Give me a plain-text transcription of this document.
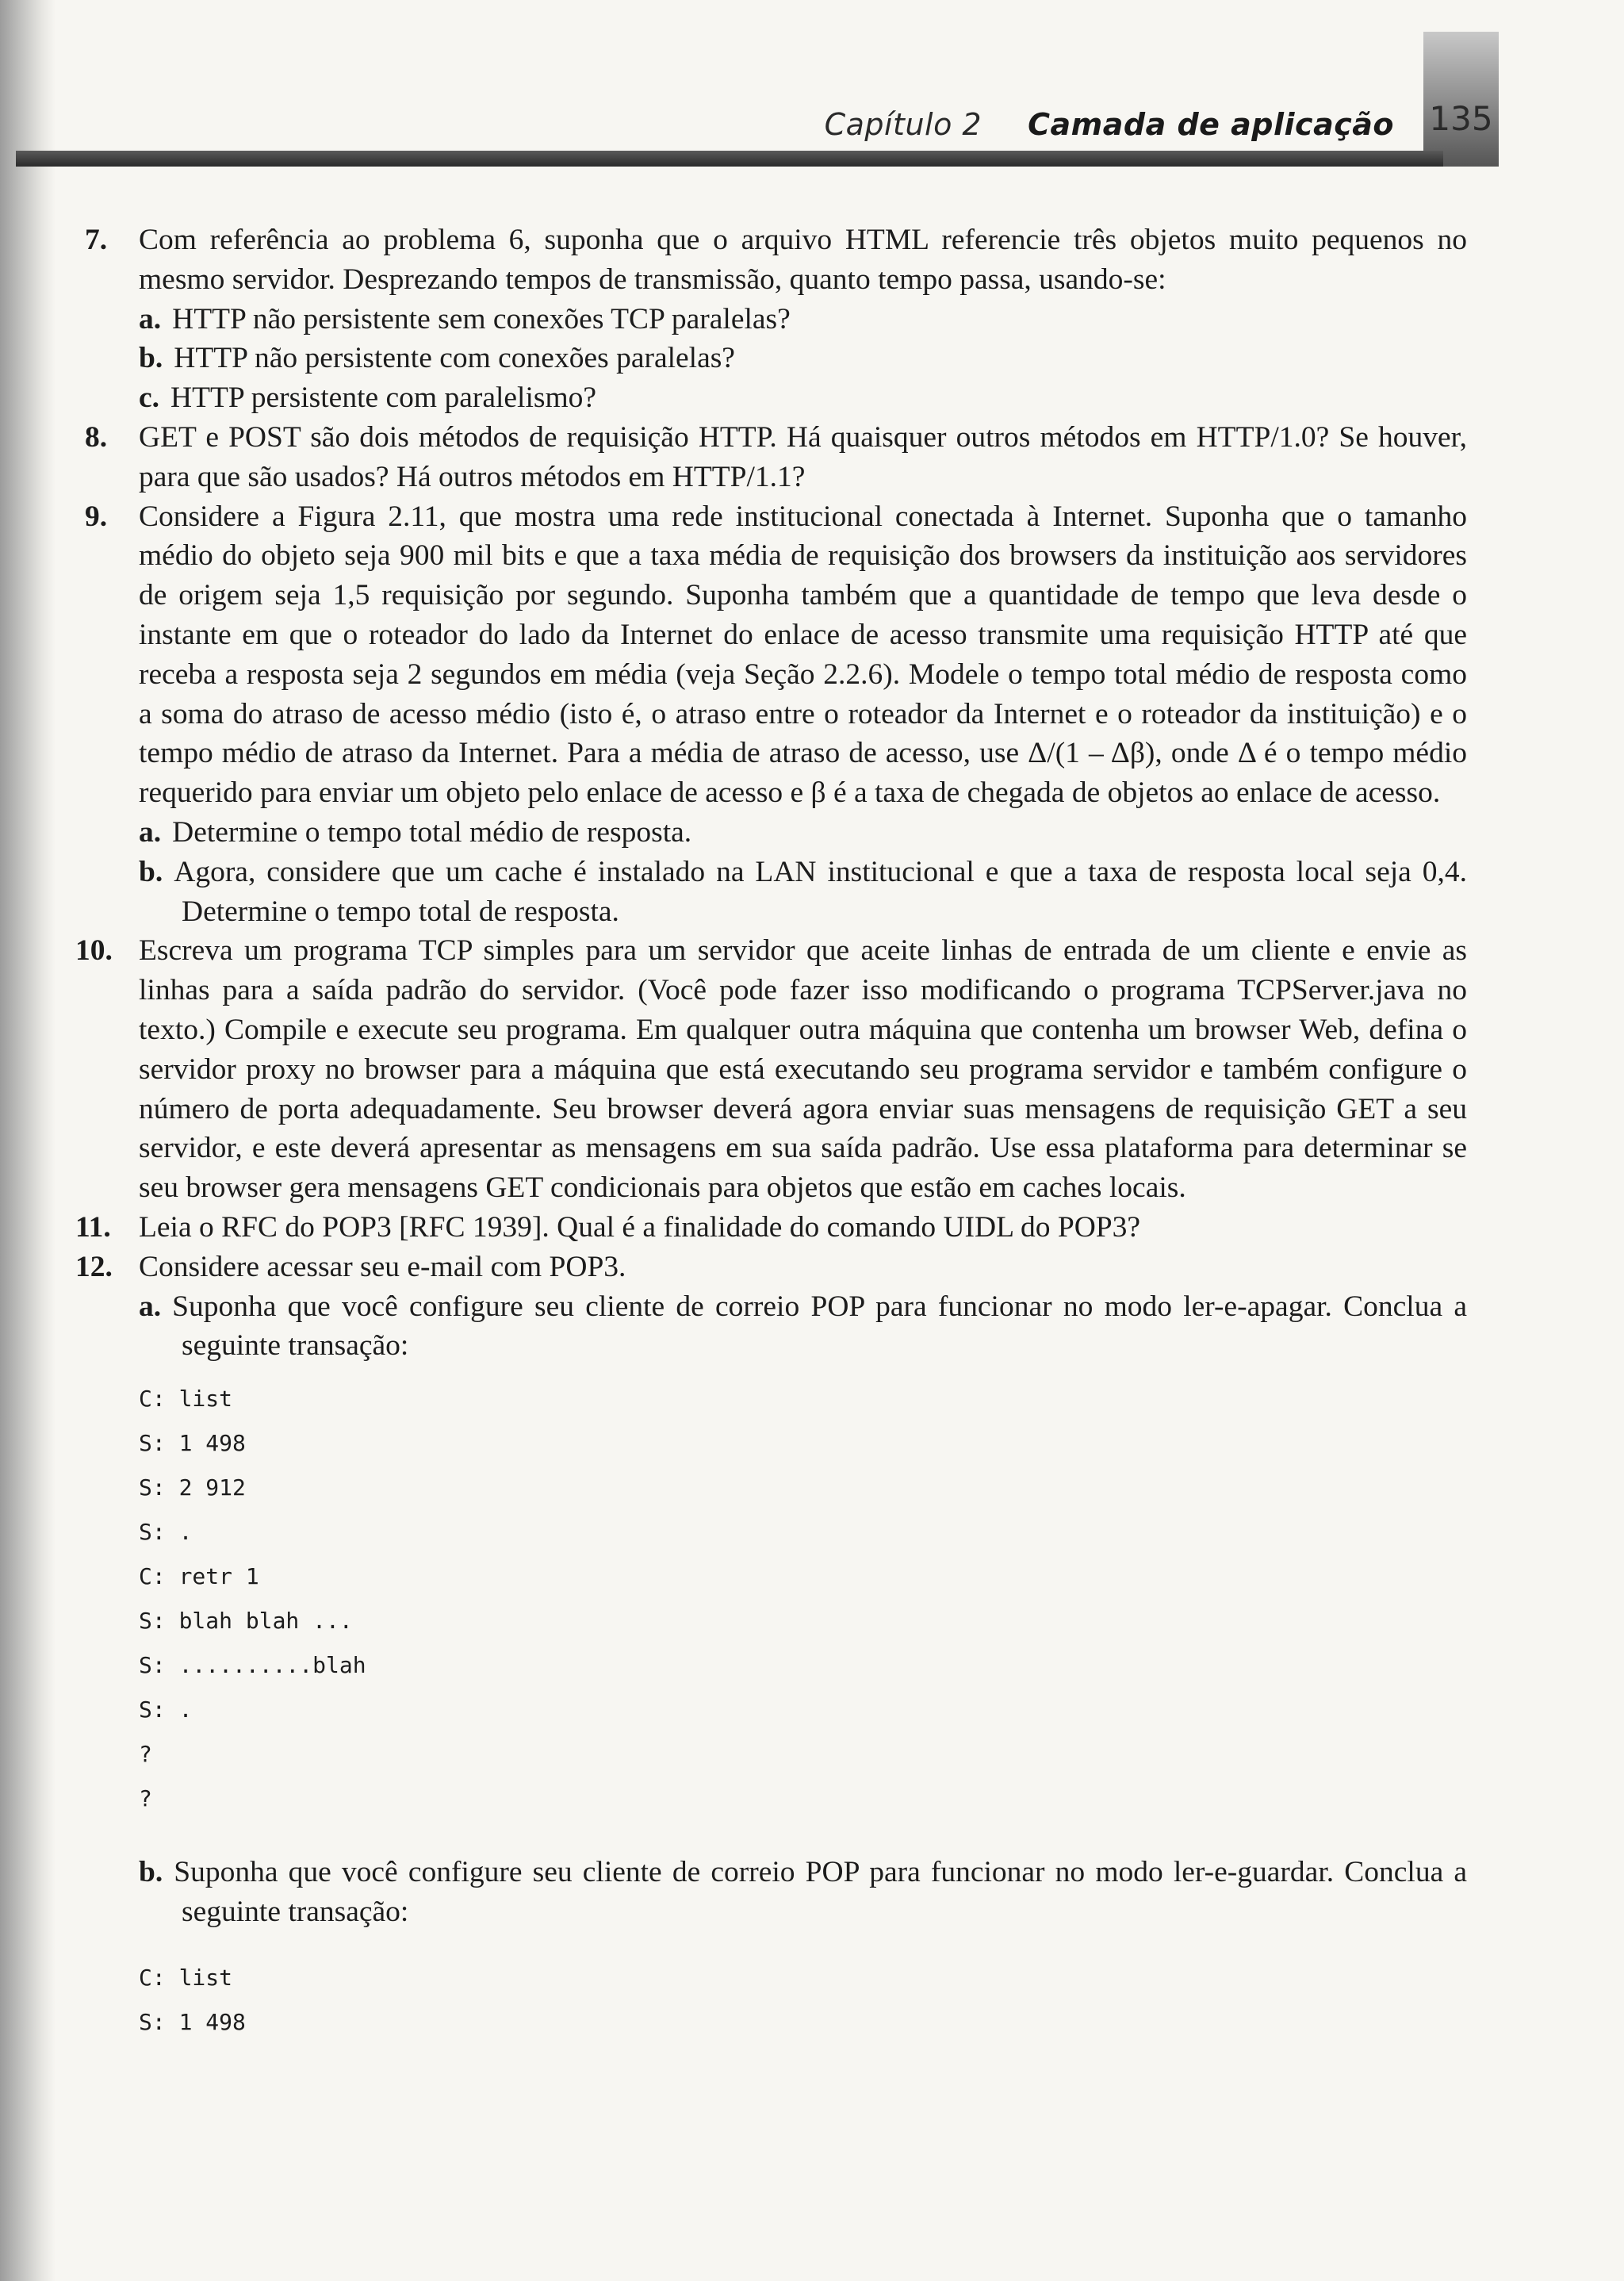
135
Capítulo 2 Camada de aplicação
7. Com referência ao problema 6, suponha que o arquivo HTML referencie três objetos muito pequenos no mesmo servidor. Desprezando tempos de transmissão, quanto tempo passa, usando-se:

a. HTTP não persistente sem conexões TCP paralelas?
b. HTTP não persistente com conexões paralelas?
c. HTTP persistente com paralelismo?
8. GET e POST são dois métodos de requisição HTTP. Há quaisquer outros métodos em HTTP/1.0? Se houver, para que são usados? Há outros métodos em HTTP/1.1?

9. Considere a Figura 2.11, que mostra uma rede institucional conectada à Internet. Suponha que o tamanho médio do objeto seja 900 mil bits e que a taxa média de requisição dos browsers da instituição aos servidores de origem seja 1,5 requisição por segundo. Suponha também que a quantidade de tempo que leva desde o instante em que o roteador do lado da Internet do enlace de acesso transmite uma requisição HTTP até que receba a resposta seja 2 segundos em média (veja Seção 2.2.6). Modele o tempo total médio de resposta como a soma do atraso de acesso médio (isto é, o atraso entre o roteador da Internet e o roteador da instituição) e o tempo médio de atraso da Internet. Para a média de atraso de acesso, use Δ/(1 – Δβ), onde Δ é o tempo médio requerido para enviar um objeto pelo enlace de acesso e β é a taxa de chegada de objetos ao enlace de acesso.

a. Determine o tempo total médio de resposta.
b. Agora, considere que um cache é instalado na LAN institucional e que a taxa de resposta local seja 0,4. Determine o tempo total de resposta.
10. Escreva um programa TCP simples para um servidor que aceite linhas de entrada de um cliente e envie as linhas para a saída padrão do servidor. (Você pode fazer isso modificando o programa TCPServer.java no texto.) Compile e execute seu programa. Em qualquer outra máquina que contenha um browser Web, defina o servidor proxy no browser para a máquina que está executando seu programa servidor e também configure o número de porta adequadamente. Seu browser deverá agora enviar suas mensagens de requisição GET a seu servidor, e este deverá apresentar as mensagens em sua saída padrão. Use essa plataforma para determinar se seu browser gera mensagens GET condicionais para objetos que estão em caches locais.

11. Leia o RFC do POP3 [RFC 1939]. Qual é a finalidade do comando UIDL do POP3?

12. Considere acessar seu e-mail com POP3.

a. Suponha que você configure seu cliente de correio POP para funcionar no modo ler-e-apagar. Conclua a seguinte transação:
C: list
S: 1 498
S: 2 912
S: .
C: retr 1
S: blah blah ...
S: ..........blah
S: .
?
?
b. Suponha que você configure seu cliente de correio POP para funcionar no modo ler-e-guardar. Conclua a seguinte transação:
C: list
S: 1 498
